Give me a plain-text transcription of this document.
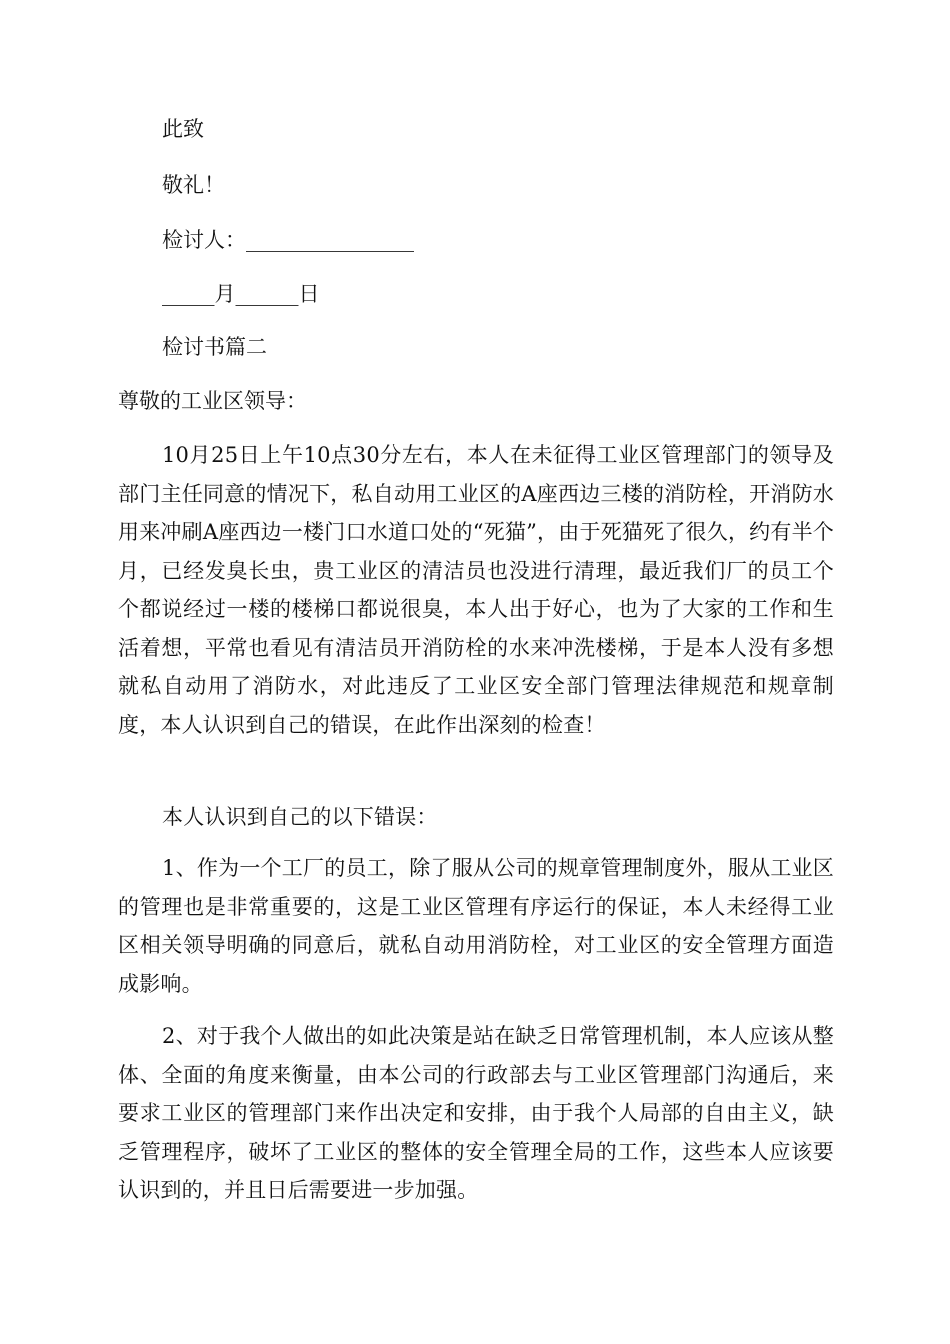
此致
敬礼！
检讨人：________________
_____月______日
检讨书篇二
尊敬的工业区领导：
10月25日上午10点30分左右，本人在未征得工业区管理部门的领导及部门主任同意的情况下，私自动用工业区的A座西边三楼的消防栓，开消防水用来冲刷A座西边一楼门口水道口处的“死猫”，由于死猫死了很久，约有半个月，已经发臭长虫，贵工业区的清洁员也没进行清理，最近我们厂的员工个个都说经过一楼的楼梯口都说很臭，本人出于好心，也为了大家的工作和生活着想，平常也看见有清洁员开消防栓的水来冲洗楼梯，于是本人没有多想就私自动用了消防水，对此违反了工业区安全部门管理法律规范和规章制度，本人认识到自己的错误，在此作出深刻的检查！
本人认识到自己的以下错误：
1、作为一个工厂的员工，除了服从公司的规章管理制度外，服从工业区的管理也是非常重要的，这是工业区管理有序运行的保证，本人未经得工业区相关领导明确的同意后，就私自动用消防栓，对工业区的安全管理方面造成影响。
2、对于我个人做出的如此决策是站在缺乏日常管理机制，本人应该从整体、全面的角度来衡量，由本公司的行政部去与工业区管理部门沟通后，来要求工业区的管理部门来作出决定和安排，由于我个人局部的自由主义，缺乏管理程序，破坏了工业区的整体的安全管理全局的工作，这些本人应该要认识到的，并且日后需要进一步加强。
